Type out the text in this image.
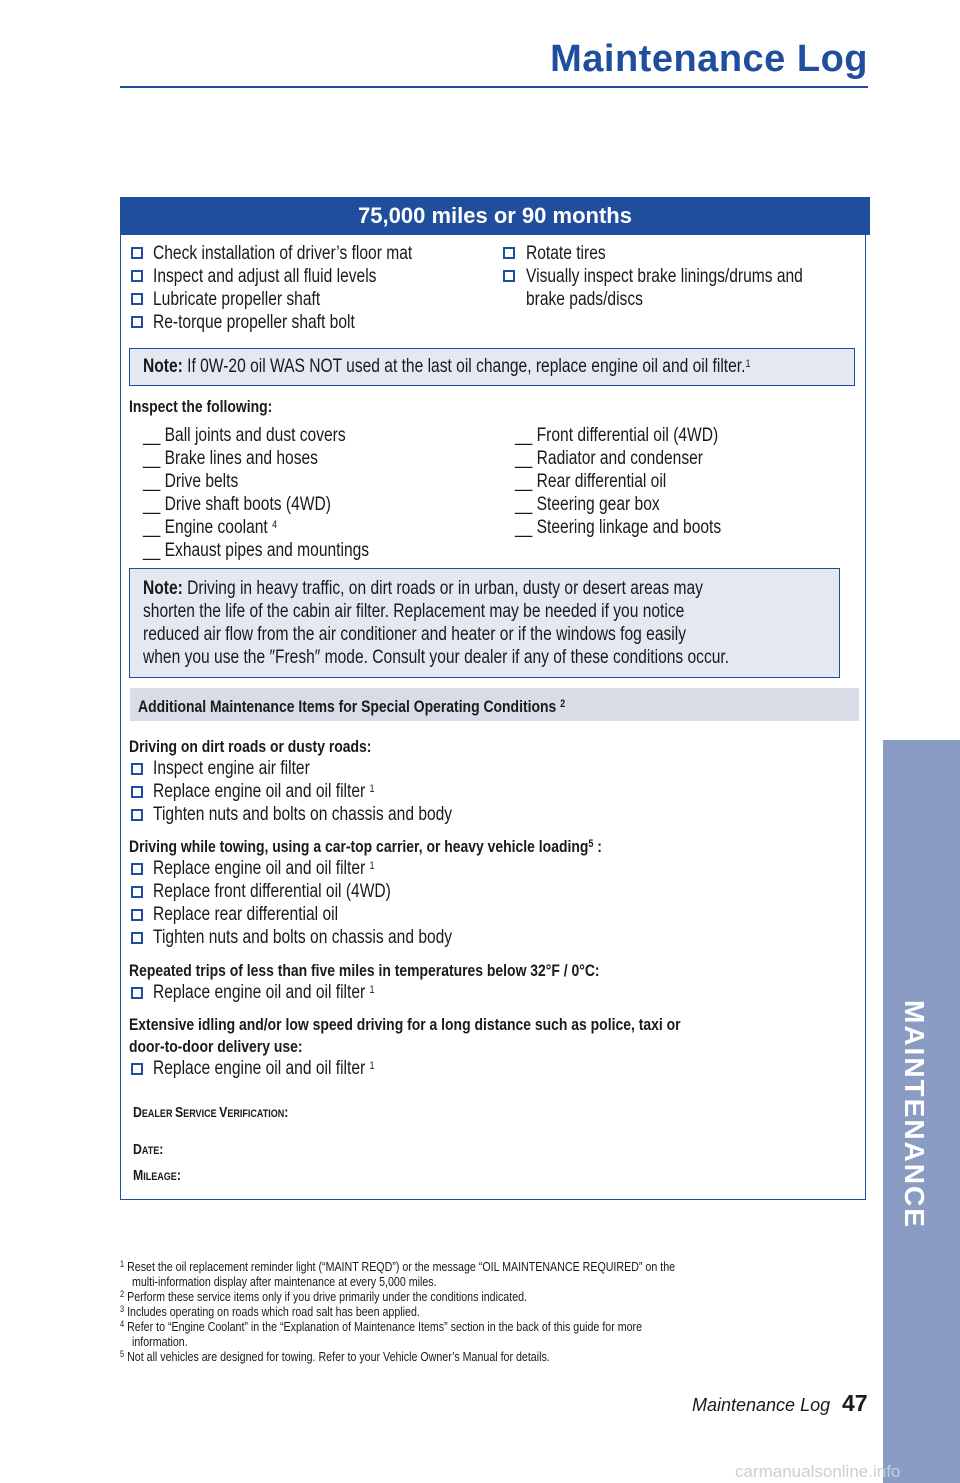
Maintenance Log
MAINTENANCE
75,000 miles or 90 months
Check installation of driver’s floor mat
Inspect and adjust all fluid levels
Lubricate propeller shaft
Re-torque propeller shaft bolt
Rotate tires
Visually inspect brake linings/drums and
brake pads/discs
Note: If 0W-20 oil WAS NOT used at the last oil change, replace engine oil and oil filter.$^1$
Inspect the following:
__ Ball joints and dust covers
__ Brake lines and hoses
__ Drive belts
__ Drive shaft boots (4WD)
__ Engine coolant $^4$
__ Exhaust pipes and mountings
__ Front differential oil (4WD)
__ Radiator and condenser
__ Rear differential oil
__ Steering gear box
__ Steering linkage and boots
Note: Driving in heavy traffic, on dirt roads or in urban, dusty or desert areas may
shorten the life of the cabin air filter. Replacement may be needed if you notice
reduced air flow from the air conditioner and heater or if the windows fog easily
when you use the ″Fresh″ mode. Consult your dealer if any of these conditions occur.
Additional Maintenance Items for Special Operating Conditions $^2$
Driving on dirt roads or dusty roads:
Inspect engine air filter
Replace engine oil and oil filter $^1$
Tighten nuts and bolts on chassis and body
Driving while towing, using a car-top carrier, or heavy vehicle loading$^5$ :
Replace engine oil and oil filter $^1$
Replace front differential oil (4WD)
Replace rear differential oil
Tighten nuts and bolts on chassis and body
Repeated trips of less than five miles in temperatures below 32°F / 0°C:
Replace engine oil and oil filter $^1$
Extensive idling and/or low speed driving for a long distance such as police, taxi or
door-to-door delivery use:
Replace engine oil and oil filter $^1$
DEALER SERVICE VERIFICATION:
DATE:
MILEAGE:
$^1$ Reset the oil replacement reminder light (“MAINT REQD”) or the message “OIL MAINTENANCE REQUIRED” on the
multi-information display after maintenance at every 5,000 miles.
$^2$ Perform these service items only if you drive primarily under the conditions indicated.
$^3$ Includes operating on roads which road salt has been applied.
$^4$ Refer to “Engine Coolant” in the “Explanation of Maintenance Items” section in the back of this guide for more
information.
$^5$ Not all vehicles are designed for towing. Refer to your Vehicle Owner’s Manual for details.
Maintenance Log 47
carmanualsonline.info
